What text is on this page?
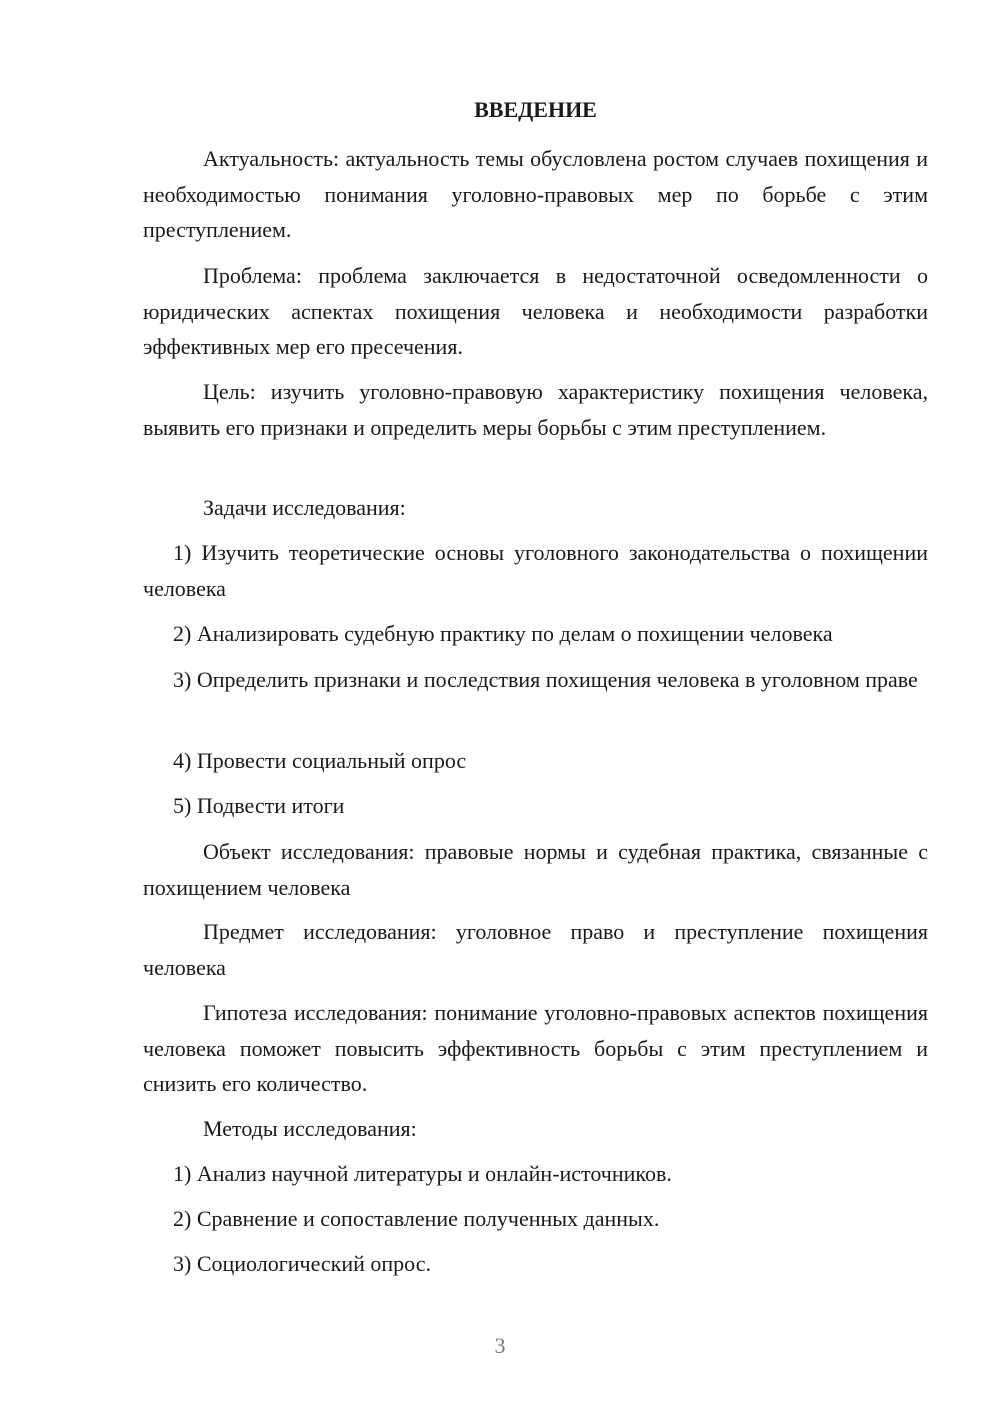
ВВЕДЕНИЕ

Актуальность: актуальность темы обусловлена ростом случаев похищения и необходимостью понимания уголовно-правовых мер по борьбе с этим преступлением.

Проблема: проблема заключается в недостаточной осведомленности о юридических аспектах похищения человека и необходимости разработки эффективных мер его пресечения.

Цель: изучить уголовно-правовую характеристику похищения человека, выявить его признаки и определить меры борьбы с этим преступлением.

Задачи исследования:

1) Изучить теоретические основы уголовного законодательства о похищении человека

2) Анализировать судебную практику по делам о похищении человека

3) Определить признаки и последствия похищения человека в уголовном праве

4) Провести социальный опрос

5) Подвести итоги

Объект исследования: правовые нормы и судебная практика, связанные с похищением человека

Предмет исследования: уголовное право и преступление похищения человека

Гипотеза исследования: понимание уголовно-правовых аспектов похищения человека поможет повысить эффективность борьбы с этим преступлением и снизить его количество.

Методы исследования:

1) Анализ научной литературы и онлайн-источников.

2) Сравнение и сопоставление полученных данных.

3) Социологический опрос.

3
